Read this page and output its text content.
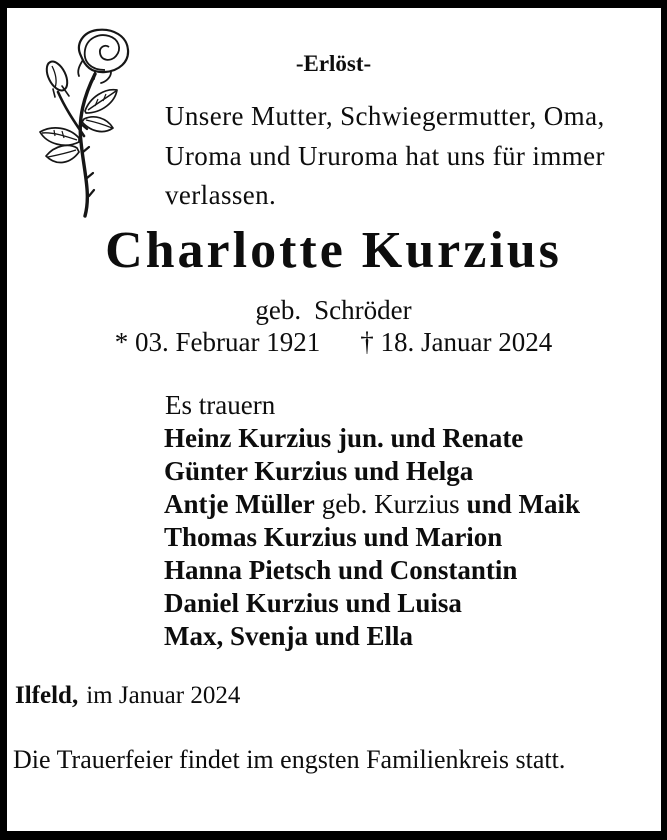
-Erlöst-
Unsere Mutter, Schwiegermutter, Oma,
Uroma und Ururoma hat uns für immer
verlassen.
Charlotte Kurzius
geb. Schröder
* 03. Februar 1921 † 18. Januar 2024
Es trauern
Heinz Kurzius jun. und Renate
Günter Kurzius und Helga
Antje Müller geb. Kurzius und Maik
Thomas Kurzius und Marion
Hanna Pietsch und Constantin
Daniel Kurzius und Luisa
Max, Svenja und Ella
Ilfeld, im Januar 2024
Die Trauerfeier findet im engsten Familienkreis statt.
